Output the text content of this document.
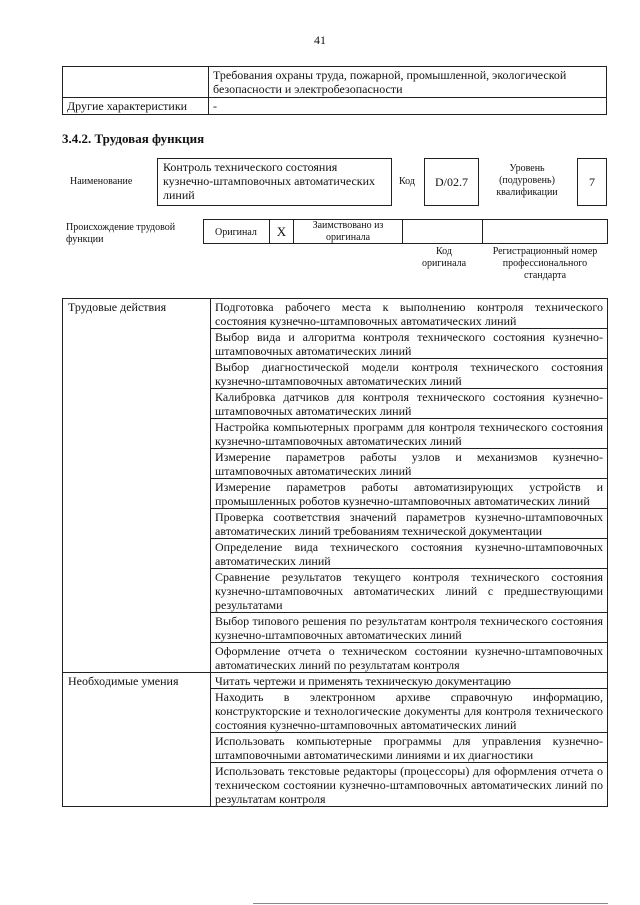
41
	Требования охраны труда, пожарной, промышленной, экологической безопасности и электробезопасности
Другие характеристики	-
3.4.2. Трудовая функция
Наименование
Контроль технического состояния кузнечно-штамповочных автоматических линий
Код	D/02.7
Уровень (подуровень) квалификации
7
Происхождение трудовой функции
Оригинал	X	Заимствовано из оригинала
Код оригинала
Регистрационный номер профессионального стандарта
Трудовые действия	Подготовка рабочего места к выполнению контроля технического состояния кузнечно-штамповочных автоматических линий
	Выбор вида и алгоритма контроля технического состояния кузнечно-штамповочных автоматических линий
	Выбор диагностической модели контроля технического состояния кузнечно-штамповочных автоматических линий
	Калибровка датчиков для контроля технического состояния кузнечно-штамповочных автоматических линий
	Настройка компьютерных программ для контроля технического состояния кузнечно-штамповочных автоматических линий
	Измерение параметров работы узлов и механизмов кузнечно-штамповочных автоматических линий
	Измерение параметров работы автоматизирующих устройств и промышленных роботов кузнечно-штамповочных автоматических линий
	Проверка соответствия значений параметров кузнечно-штамповочных автоматических линий требованиям технической документации
	Определение вида технического состояния кузнечно-штамповочных автоматических линий
	Сравнение результатов текущего контроля технического состояния кузнечно-штамповочных автоматических линий с предшествующими результатами
	Выбор типового решения по результатам контроля технического состояния кузнечно-штамповочных автоматических линий
	Оформление отчета о техническом состоянии кузнечно-штамповочных автоматических линий по результатам контроля
Необходимые умения	Читать чертежи и применять техническую документацию
	Находить в электронном архиве справочную информацию, конструкторские и технологические документы для контроля технического состояния кузнечно-штамповочных автоматических линий
	Использовать компьютерные программы для управления кузнечно-штамповочными автоматическими линиями и их диагностики
	Использовать текстовые редакторы (процессоры) для оформления отчета о техническом состоянии кузнечно-штамповочных автоматических линий по результатам контроля
